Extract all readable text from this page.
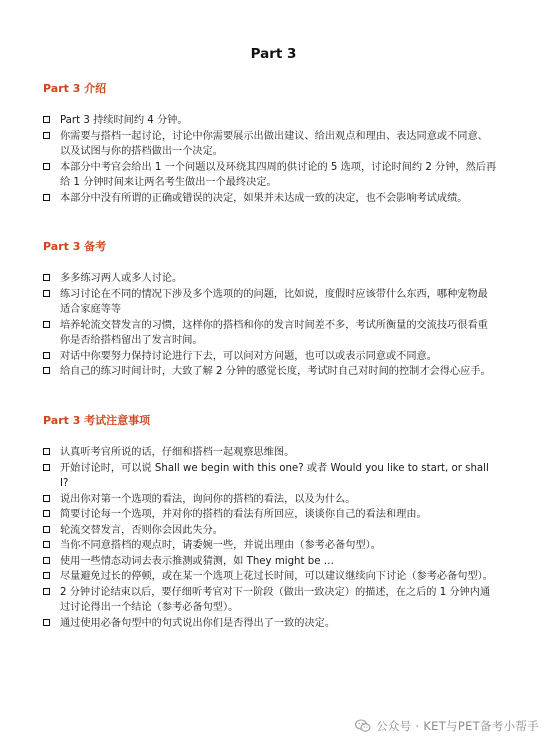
Part 3
Part 3 介绍
Part 3 持续时间约 4 分钟。
你需要与搭档一起讨论，讨论中你需要展示出做出建议、给出观点和理由、表达同意或不同意、以及试图与你的搭档做出一个决定。
本部分中考官会给出 1 一个问题以及环绕其四周的供讨论的 5 选项，讨论时间约 2 分钟，然后再给 1 分钟时间来让两名考生做出一个最终决定。
本部分中没有所谓的正确或错误的决定，如果并未达成一致的决定，也不会影响考试成绩。
Part 3 备考
多多练习两人或多人讨论。
练习讨论在不同的情况下涉及多个选项的的问题，比如说，度假时应该带什么东西，哪种宠物最适合家庭等等
培养轮流交替发言的习惯，这样你的搭档和你的发言时间差不多，考试所衡量的交流技巧很看重你是否给搭档留出了发言时间。
对话中你要努力保持讨论进行下去，可以问对方问题，也可以或表示同意或不同意。
给自己的练习时间计时，大致了解 2 分钟的感觉长度，考试时自己对时间的控制才会得心应手。
Part 3 考试注意事项
认真听考官所说的话，仔细和搭档一起观察思维图。
开始讨论时，可以说 Shall we begin with this one? 或者 Would you like to start, or shall I?
说出你对第一个选项的看法，询问你的搭档的看法，以及为什么。
简要讨论每一个选项，并对你的搭档的看法有所回应，谈谈你自己的看法和理由。
轮流交替发言，否则你会因此失分。
当你不同意搭档的观点时，请委婉一些，并说出理由（参考必备句型）。
使用一些情态动词去表示推测或猜测，如 They might be …
尽量避免过长的停顿，或在某一个选项上花过长时间，可以建议继续向下讨论（参考必备句型）。
2 分钟讨论结束以后，要仔细听考官对下一阶段（做出一致决定）的描述，在之后的 1 分钟内通过讨论得出一个结论（参考必备句型）。
通过使用必备句型中的句式说出你们是否得出了一致的决定。
公众号 · KET与PET备考小帮手
